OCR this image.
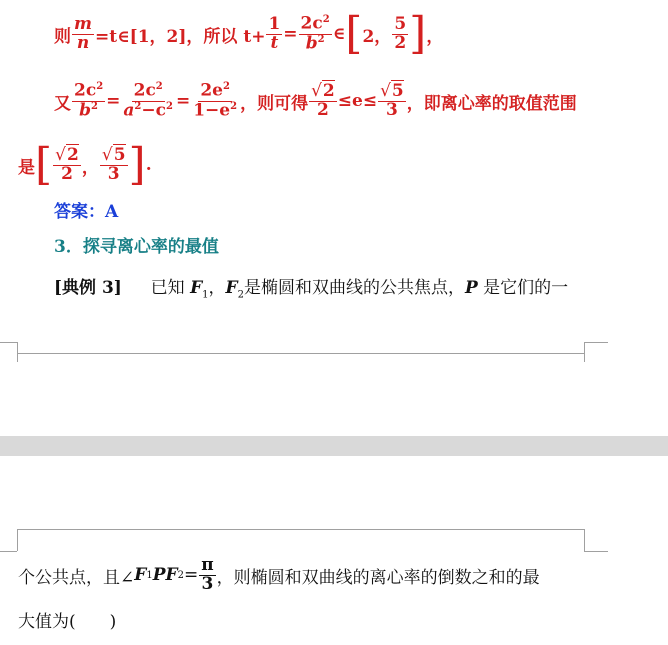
则 $\frac{m}{n}$ =t∈[1，2]，所以 $t+ \frac{1}{t} = \frac{2c^2}{b^2}$ ∈ [ 2， $\frac{5}{2}$ ] ，
又 $\frac{2c^2}{b^2} = \frac{2c^2}{a^2-c^2} = \frac{2e^2}{1-e^2}$ ，则可得 $\frac{√2}{2} \le e\le \frac{√5}{3}$ ，即离心率的取值范围
是 [ $\frac{√2}{2}$ ， $\frac{√5}{3}$ ] .
答案：A
3．探寻离心率的最值
[典例 3] 已知 $F_1$，$F_2$是椭圆和双曲线的公共焦点，P 是它们的一
个公共点，且∠ F 1 PF $2 = \frac{\pi}{3}$ ，则椭圆和双曲线的离心率的倒数之和的最
大值为(　　)
